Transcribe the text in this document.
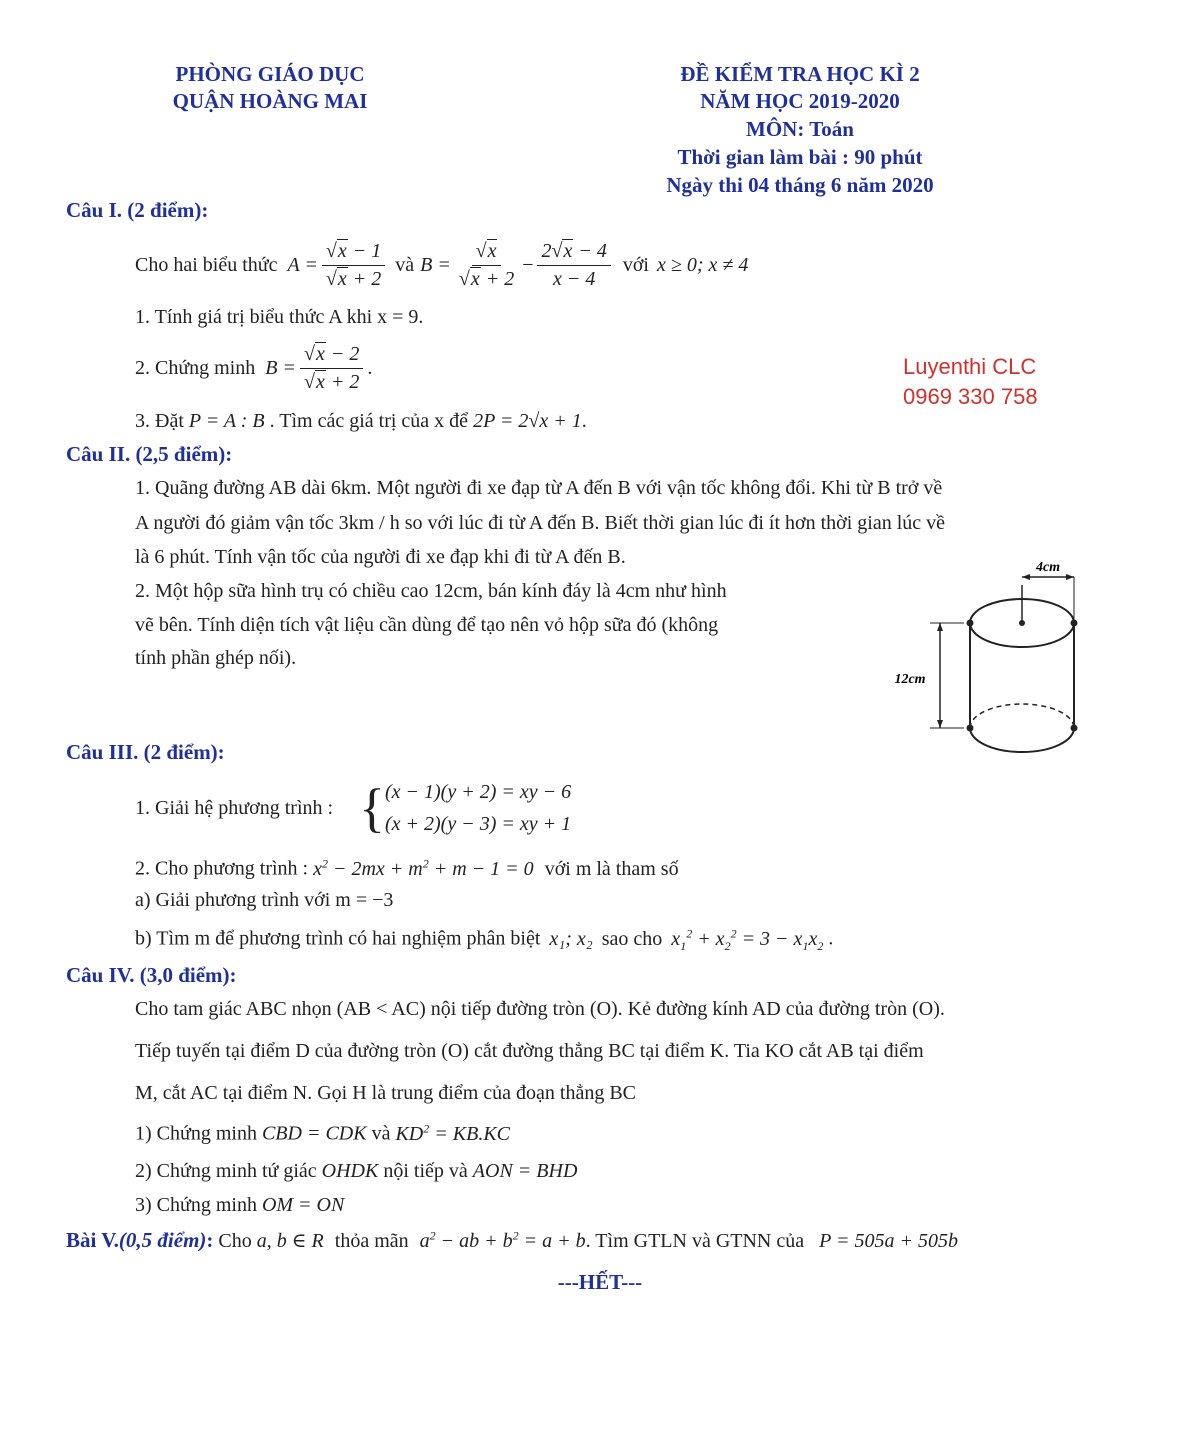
PHÒNG GIÁO DỤC
QUẬN HOÀNG MAI
ĐỀ KIỂM TRA HỌC KÌ 2
NĂM HỌC 2019-2020
MÔN: Toán
Thời gian làm bài : 90 phút
Ngày thi 04 tháng 6 năm 2020
Luyenthi CLC
0969 330 758
Câu I. (2 điểm):
Cho hai biểu thức $A = \frac{√x - 1}{√x + 2}$ và $B = \frac{√x}{√x + 2} - \frac{2√x - 4}{x - 4}$ với x ≥ 0; x ≠ 4
1. Tính giá trị biểu thức A khi x = 9.
2. Chứng minh $B = \frac{√x - 2}{√x + 2}$ .
3. Đặt P = A : B . Tìm các giá trị của x để 2P = 2√x + 1.
Câu II. (2,5 điểm):
1. Quãng đường AB dài 6km. Một người đi xe đạp từ A đến B với vận tốc không đổi. Khi từ B trở về
A người đó giảm vận tốc 3km / h so với lúc đi từ A đến B. Biết thời gian lúc đi ít hơn thời gian lúc về
là 6 phút. Tính vận tốc của người đi xe đạp khi đi từ A đến B.
2. Một hộp sữa hình trụ có chiều cao 12cm, bán kính đáy là 4cm như hình
vẽ bên. Tính diện tích vật liệu cần dùng để tạo nên vỏ hộp sữa đó (không
tính phần ghép nối).
4cm
12cm
Câu III. (2 điểm):
1. Giải hệ phương trình : { (x − 1)(y + 2) = xy − 6
(x + 2)(y − 3) = xy + 1
2. Cho phương trình : $x^2 - 2mx + m^2 + m - 1 = 0$ với m là tham số
a) Giải phương trình với m = −3
b) Tìm m để phương trình có hai nghiệm phân biệt x₁; x₂ sao cho $x_1^2 + x_2^2 = 3 - x_1x_2$ .
Câu IV. (3,0 điểm):
Cho tam giác ABC nhọn (AB < AC) nội tiếp đường tròn (O). Kẻ đường kính AD của đường tròn (O).
Tiếp tuyến tại điểm D của đường tròn (O) cắt đường thẳng BC tại điểm K. Tia KO cắt AB tại điểm
M, cắt AC tại điểm N. Gọi H là trung điểm của đoạn thẳng BC
1) Chứng minh CBD = CDK và $KD^2 = KB.KC$
2) Chứng minh tứ giác OHDK nội tiếp và AON = BHD
3) Chứng minh OM = ON
Bài V.(0,5 điểm): Cho a, b ∈ R thỏa mãn $a^2$ − ab + $b^2 = a + b$. Tìm GTLN và GTNN của P = 505a + 505b
---HẾT---
